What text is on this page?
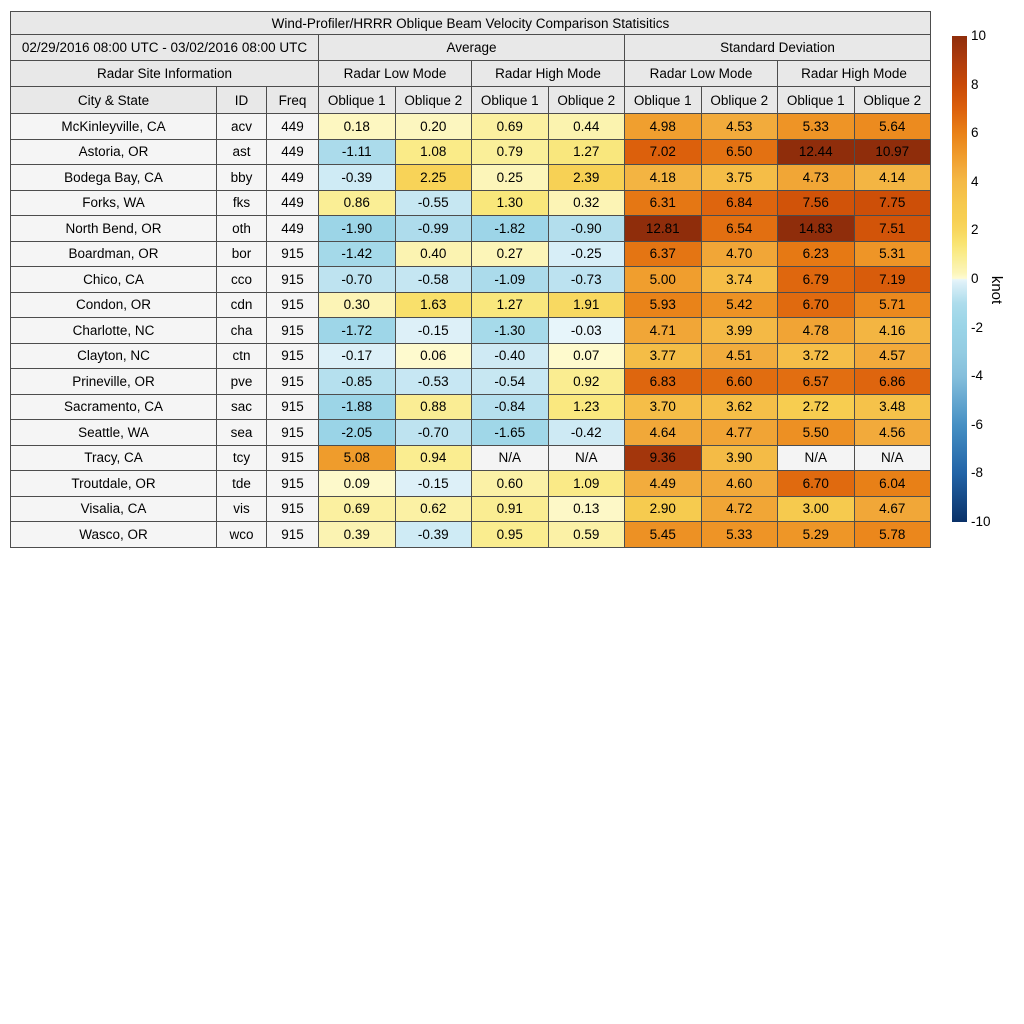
Wind-Profiler/HRRR Oblique Beam Velocity Comparison Statisitics										
02/29/2016 08:00 UTC - 03/02/2016 08:00 UTC			Average				Standard Deviation			
Radar Site Information			Radar Low Mode		Radar High Mode		Radar Low Mode		Radar High Mode	
City & State	ID	Freq	Oblique 1	Oblique 2	Oblique 1	Oblique 2	Oblique 1	Oblique 2	Oblique 1	Oblique 2
McKinleyville, CA	acv	449	0.18	0.20	0.69	0.44	4.98	4.53	5.33	5.64
Astoria, OR	ast	449	-1.11	1.08	0.79	1.27	7.02	6.50	12.44	10.97
Bodega Bay, CA	bby	449	-0.39	2.25	0.25	2.39	4.18	3.75	4.73	4.14
Forks, WA	fks	449	0.86	-0.55	1.30	0.32	6.31	6.84	7.56	7.75
North Bend, OR	oth	449	-1.90	-0.99	-1.82	-0.90	12.81	6.54	14.83	7.51
Boardman, OR	bor	915	-1.42	0.40	0.27	-0.25	6.37	4.70	6.23	5.31
Chico, CA	cco	915	-0.70	-0.58	-1.09	-0.73	5.00	3.74	6.79	7.19
Condon, OR	cdn	915	0.30	1.63	1.27	1.91	5.93	5.42	6.70	5.71
Charlotte, NC	cha	915	-1.72	-0.15	-1.30	-0.03	4.71	3.99	4.78	4.16
Clayton, NC	ctn	915	-0.17	0.06	-0.40	0.07	3.77	4.51	3.72	4.57
Prineville, OR	pve	915	-0.85	-0.53	-0.54	0.92	6.83	6.60	6.57	6.86
Sacramento, CA	sac	915	-1.88	0.88	-0.84	1.23	3.70	3.62	2.72	3.48
Seattle, WA	sea	915	-2.05	-0.70	-1.65	-0.42	4.64	4.77	5.50	4.56
Tracy, CA	tcy	915	5.08	0.94	N/A	N/A	9.36	3.90	N/A	N/A
Troutdale, OR	tde	915	0.09	-0.15	0.60	1.09	4.49	4.60	6.70	6.04
Visalia, CA	vis	915	0.69	0.62	0.91	0.13	2.90	4.72	3.00	4.67
Wasco, OR	wco	915	0.39	-0.39	0.95	0.59	5.45	5.33	5.29	5.78
10
8
6
4
2
0
-2
-4
-6
-8
-10
knot
